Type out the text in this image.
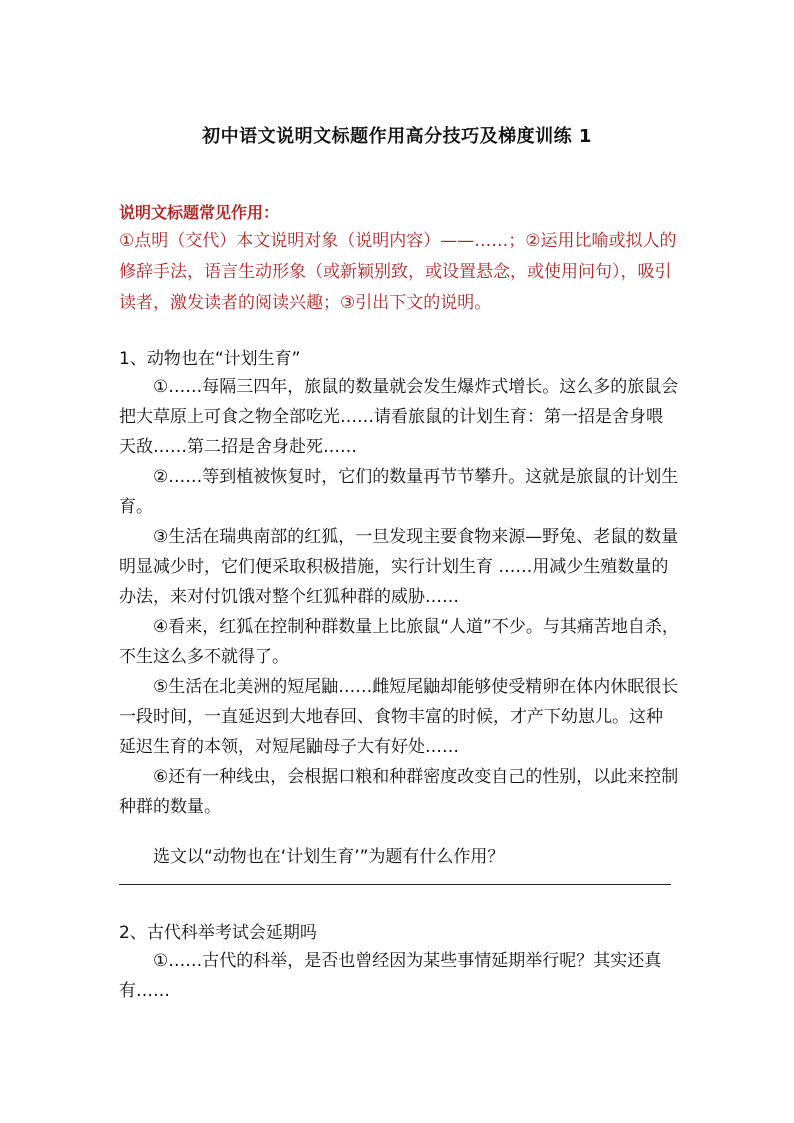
初中语文说明文标题作用高分技巧及梯度训练 1
说明文标题常见作用：
①点明（交代）本文说明对象（说明内容）——……；②运用比喻或拟人的修辞手法，语言生动形象（或新颖别致，或设置悬念，或使用问句），吸引读者，激发读者的阅读兴趣；③引出下文的说明。
1、动物也在“计划生育”

①……每隔三四年，旅鼠的数量就会发生爆炸式增长。这么多的旅鼠会把大草原上可食之物全部吃光……请看旅鼠的计划生育：第一招是舍身喂天敌……第二招是舍身赴死……

②……等到植被恢复时，它们的数量再节节攀升。这就是旅鼠的计划生育。

③生活在瑞典南部的红狐，一旦发现主要食物来源—野兔、老鼠的数量明显减少时，它们便采取积极措施，实行计划生育 ……用减少生殖数量的办法，来对付饥饿对整个红狐种群的威胁……

④看来，红狐在控制种群数量上比旅鼠“人道”不少。与其痛苦地自杀，不生这么多不就得了。

⑤生活在北美洲的短尾鼬……雌短尾鼬却能够使受精卵在体内休眠很长一段时间，一直延迟到大地春回、食物丰富的时候，才产下幼崽儿。这种延迟生育的本领，对短尾鼬母子大有好处……

⑥还有一种线虫，会根据口粮和种群密度改变自己的性别，以此来控制种群的数量。

选文以“动物也在‘计划生育’”为题有什么作用？
2、古代科举考试会延期吗

①……古代的科举，是否也曾经因为某些事情延期举行呢？其实还真有……
